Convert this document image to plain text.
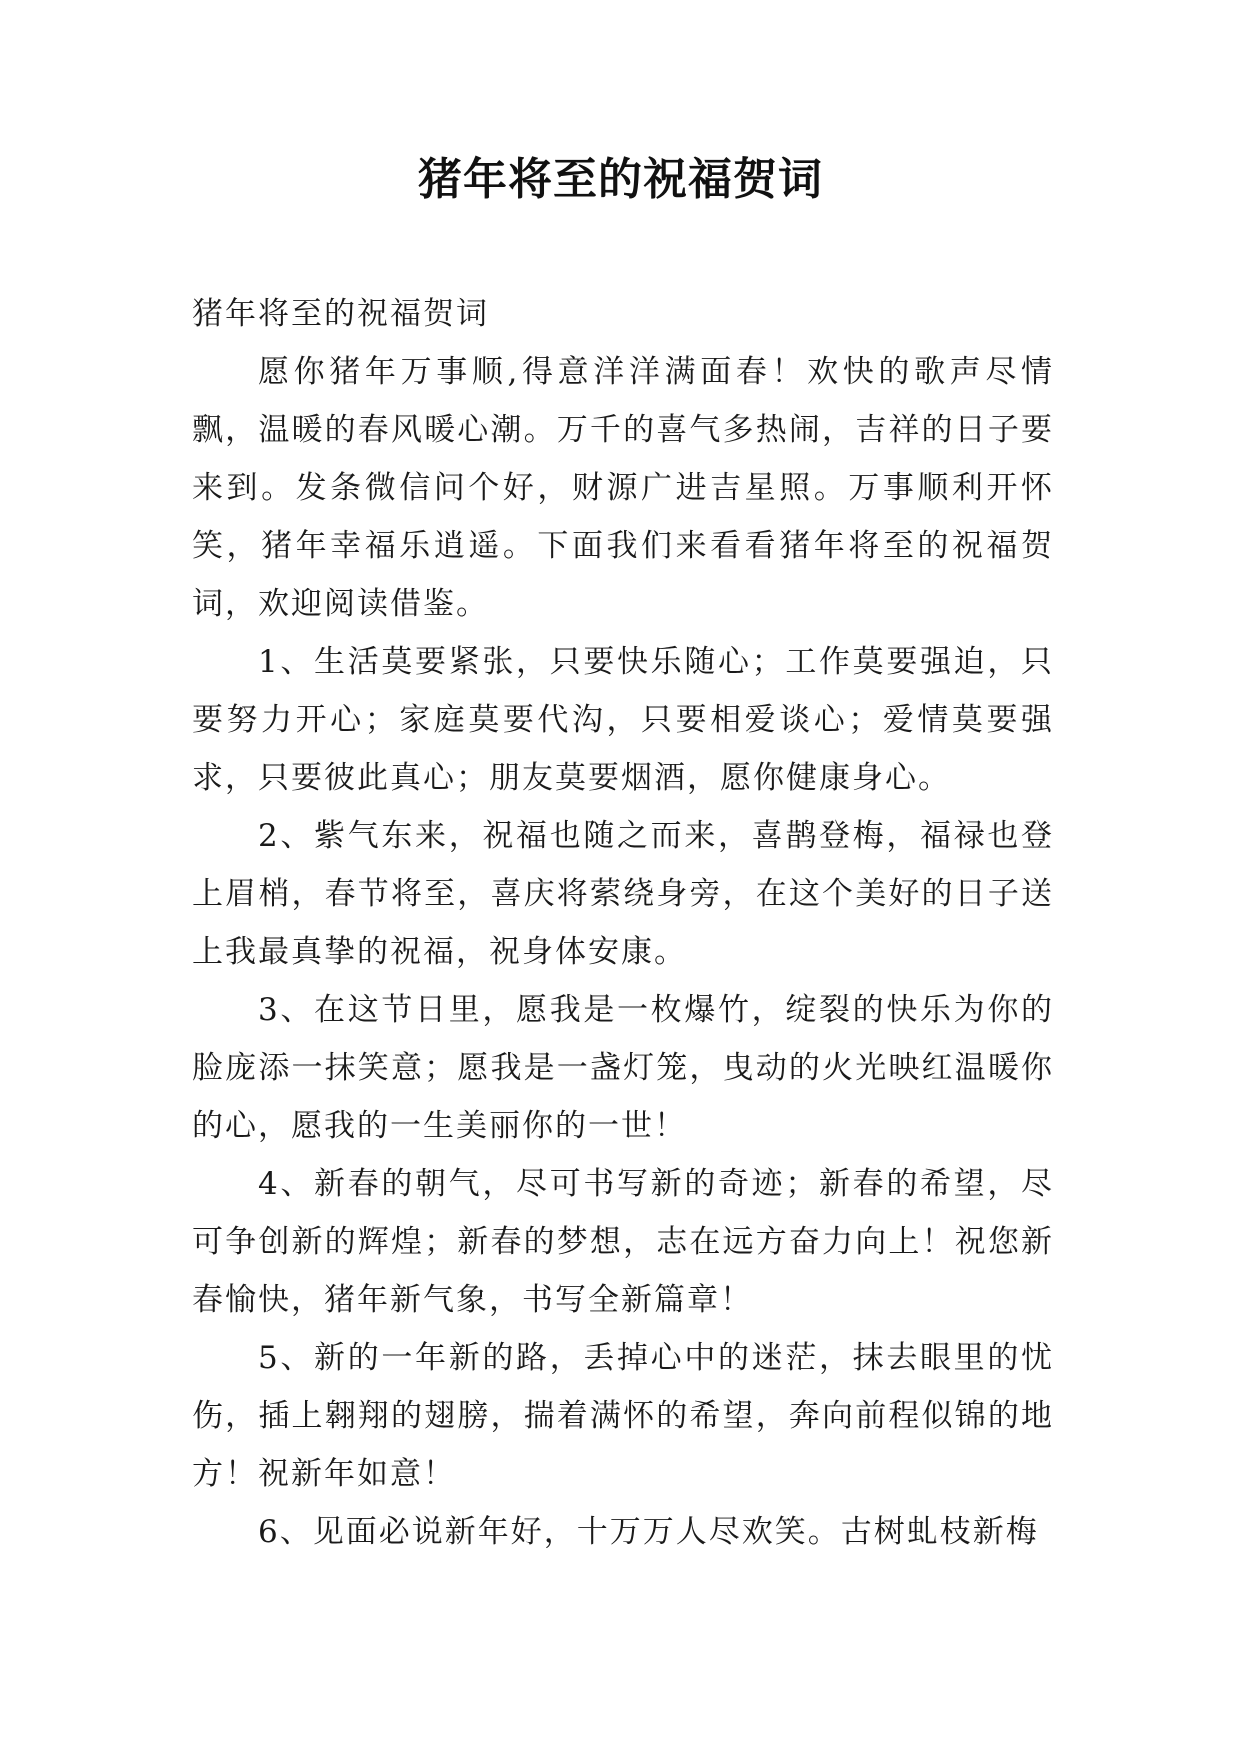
猪年将至的祝福贺词

猪年将至的祝福贺词

愿你猪年万事顺,得意洋洋满面春！欢快的歌声尽情飘，温暖的春风暖心潮。万千的喜气多热闹，吉祥的日子要来到。发条微信问个好，财源广进吉星照。万事顺利开怀笑，猪年幸福乐逍遥。下面我们来看看猪年将至的祝福贺词，欢迎阅读借鉴。

1、生活莫要紧张，只要快乐随心；工作莫要强迫，只要努力开心；家庭莫要代沟，只要相爱谈心；爱情莫要强求，只要彼此真心；朋友莫要烟酒，愿你健康身心。

2、紫气东来，祝福也随之而来，喜鹊登梅，福禄也登上眉梢，春节将至，喜庆将萦绕身旁，在这个美好的日子送上我最真挚的祝福，祝身体安康。

3、在这节日里，愿我是一枚爆竹，绽裂的快乐为你的脸庞添一抹笑意；愿我是一盏灯笼，曳动的火光映红温暖你的心，愿我的一生美丽你的一世！

4、新春的朝气，尽可书写新的奇迹；新春的希望，尽可争创新的辉煌；新春的梦想，志在远方奋力向上！祝您新春愉快，猪年新气象，书写全新篇章！

5、新的一年新的路，丢掉心中的迷茫，抹去眼里的忧伤，插上翱翔的翅膀，揣着满怀的希望，奔向前程似锦的地方！祝新年如意！

6、见面必说新年好，十万万人尽欢笑。古树虬枝新梅
